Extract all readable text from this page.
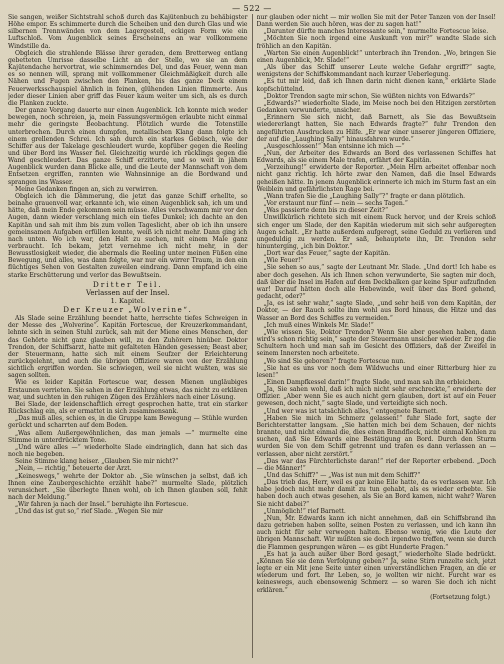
— 522 —

Sie sangen, weißer Sichtstrahl schoß durch das Kajütenbuch zu behäbigster Höhe empor. Es schimmerte durch die Scheiben und den durch Glas und wie silbernen Trennwänden von dem Lagergestell, eckigen Form wie ein Luftschloß. Vom Augenblick seines Erscheinens an war vollkommene Windstille da.

Obgleich die strahlende Blässe ihrer geraden, dem Bretterweg entlang gebetteten Umrisse dasselbe Licht an der Stelle, wo sie an dem Kajütendache hervortrat, wie schimmerndes Del, und das Feuer, wenn man es so nennen will, sprang mit vollkommener Gleichmäßigkeit durch alle Nähen und Fugen zwischen den Planken, bis das ganze Deck einem Feuerwerksschauspiel ähnlich in feinen, glühenden Linien flimmerte. Aus jeder dieser Linien aber griff das Feuer kaum weiter um sich, als es durch die Planken zuckte.

Der ganze Vorgang dauerte nur einen Augenblick. Ich konnte mich weder bewegen, noch schreien, ja, mein Fassungsvermögen erlaubte nicht einmal mehr die geringste Beobachtung. Plötzlich wurde die Totenstille unterbrochen. Durch einen dumpfen, metallischen Klang dann folgte ich einem grellenden Schrei. Ich sah durch ein starkes Gebüsch, wie der Schiffer aus der Takelage geschleudert wurde, kopfüber gegen die Reeling und über Bord ins Wasser fiel. Gleichzeitig wurde ich rücklings gegen die Wand geschleudert. Das ganze Schiff erzitterte, und so weit in jähem Augenblick wurden dann Blicke alle, und die Leute der Mannschaft von dem Entsetzen ergriffen, rannten wie Wahnsinnige an die Bordwand und sprangen ins Wasser.

Meine Gedanken fingen an, sich zu verwirren.

Obgleich ich die Dämmerung, die jetzt das ganze Schiff erhellte, so beinahe grauenvoll war, erkannte ich, wie einen Augenblick sah, ich um und hätte, daß mein Ende gekommen sein müsse. Alles verschwamm mir vor den Augen, dann wieder verschlang mich ein tiefes Dunkel; ich dachte an den Kapitän und sah mit ihm bis zum vollen Tageslicht, aber ob ich ihn unsere gemeinsamen Aufgaben erfüllen konnte, weiß ich nicht mehr. Dann ging ich nach unten. Wo ich war, den Halt zu suchen, mit einem Male ganz verbraucht. Ich bekam, jetzt vernehme ich nicht mehr, in der Bewusstlosigkeit wieder, die abermals die Reeling unter meinen Füßen eine Bewegung, und alles, was dann folgte, war nur ein wirrer Traum, in den ein flüchtiges Sehen von Gestalten zuweilen eindrang. Dann empfand ich eine starke Erschütterung und verlor das Bewußtsein.

Dritter Teil.
Verlassen auf der Insel.
1. Kapitel.
Der Kreuzer „Wolverine“.

Als Slade seine Erzählung beendet hatte, herrschte tiefes Schweigen in der Messe des „Wolverine“. Kapitän Fortescue, der Kreuzerkommandant, lehnte sich in seinen Stuhl zurück, sah mit der Miene eines Menschen, der das Gehörte nicht ganz glauben will, zu den Zuhörern hinüber. Doktor Trendon, der Schiffsarzt, hatte mit gefalteten Händen gesessen; Beast aber, der Steuermann, hatte sich mit einem Seufzer der Erleichterung zurückgelehnt, und auch die übrigen Offiziere waren von der Erzählung sichtlich ergriffen worden. Sie schwiegen, weil sie nicht wußten, was sie sagen sollten.

Wie es leider Kapitän Fortescue war, dessen Mienen ungläubiges Erstaunen verrieten. Sie sahen in der Erzählung etwas, das nicht zu erklären war, und suchten in den ruhigen Zügen des Erzählers nach einer Lösung.

Bei Slade, der leidenschaftlich erregt gesprochen hatte, trat ein starker Rückschlag ein, als er ermattet in sich zusammensank.

„Das muß alles, schien es, in die Gruppe kam Bewegung — Stühle wurden gerückt und scharrten auf dem Boden.

„Was allem Außergewöhnlichen, das man jemals —“ murmelte eine Stimme in unterdrücktem Tone.

„Und wäre alles —“ wiederholte Slade eindringlich, dann hat sich das noch nie begeben.

Seine Stimme klang heiser. „Glauben Sie mir nicht?“

„Nein, — richtig,“ beteuerte der Arzt.

„Keineswegs,“ wehrte der Doktor ab. „Sie wünschen ja selbst, daß ich Ihnen eine Zaubergeschichte erzählt habe?“ murmelte Slade, plötzlich verunsichert. „Sie überlegte Ihnen wohl, ob ich Ihnen glauben soll, fehlt nach der Meldung.“

„Wir fahren ja nach der Insel.“ beruhigte ihn Fortescue.

„Und das ist gut so,“ rief Slade. „Wegen Sie mir

nur glauben oder nicht — mir wollen Sie mit der Peter Tanzen von der Insel! Dann werden Sie auch hören, was der zu sagen hat!“

„Darunter dürfte manches Interessante sein,“ murmelte Fortescue leise.

„Möchten Sie noch irgend eine Auskunft von mir?“ wandte Slade sich fröhlich an den Kapitän.

„Warten Sie einen Augenblick!“ unterbrach ihn Trendon. „Wo, bringen Sie einen Augenblick, Mr. Slade!“

„Als über das Schiff unserer Leute welche Gefahr ergriff?“ sagte, wenigstens der Schiffskommandant nach kurzer Ueberlegung.

„Es tut mir leid, daß ich Ihnen darin nicht dienen kann,“ erklärte Slade kopfschüttelnd.

„Doktor Trendon sagte mir schon, Sie wüßten nichts von Edwards?“

„Edwards?“ wiederholte Slade, im Meise noch bei den Hitzigen zerstörten Gedanken verwunderte, unsicher.

„Erinnern Sie sich nicht, daß Barnett, als Sie das Bewußtsein wiedererlangt hatten, Sie nach Edwards fragte?“ fuhr Trendon den angeführten Ausdrucken zu Hilfe. „Er war einer unserer jüngeren Offiziere, der auf die „Laughing Sally“ hinausfahren wurde.“

„Ausgeschlossen!“ Man entsinne ich mich —“

„Nun, der Arbeiter des Edwards an Bord des verlassenen Schiffes hat Edwards, als sie einem Male trafen, erfährt der Kapitän.

„Verzeihung!“ erwiderte der Reporter. „Mein Hirn arbeitet offenbar noch nicht ganz richtig. Ich hörte zwar den Namen, daß die Insel Edwards geheißen hätte. In jenem Augenblick erinnerte ich mich im Sturm fast an ein Weiblein und gefährlichsten Rage bei.

„Wann trafen Sie die „Laughing Sally“?“ fragte er dann plötzlich.

„Vor erstaunt nur fünf — nein — sechs Tagen.“

„Was passierte denn bis zu dieser Zeit?“

Unwillkürlich richtete sich mit einem Ruck hervor, und der Kreis schloß sich enger um Slade, der den Kapitän wiederum mit sich sehr aufgeregten Augen schalt. „Er hatte außerdem aufgeregt, seine Geduld zu verlieren und ungeduldig zu werden. Er saß, behauptete ihn, Dr. Trendon sehr hinunterging, „ich bin Doktor.“

„Dort war das Feuer,“ sagte der Kapitän.

„Wie Feuer!“

„Sie sehen so aus,“ sagte der Leutnant Mr. Slade. „Und dort! Ich habe es aber doch gesehen. Als ich Ihnen schon verwunderte, Sie sagten mir doch, daß über die Insel im Hafen auf dem Deckbalken gar keine Spur aufzufinden war! Darauf hätten doch alle Hebewinde, weit über das Bord gehend, gedacht, oder?“

„Ja, es ist sehr wahr,“ sagte Slade, „und sehr heiß von dem Kapitän, der Doktor, — der Rauch sollte ihm wohl aus Bord hinaus, die Hitze und das Wasser an Bord des Schiffes zu vermeiden.“

„Ich muß eines Winkels Mr. Slade!“

„Wie wissen Sie, Doktor Trendon? Wenn Sie aber gesehen haben, dann wird's schon richtig sein,“ sagte der Steuermann unsicher wieder. Er zog die Schultern hoch und man sah im Gesicht des Offiziers, daß der Zweifel in seinem Innersten noch arbeitete.

„Wo sind Sie geboren?“ fragte Fortescue nun.

„Sie hat es uns vor noch dem Wildwuchs und einer Ritterburg hier zu lesen!“

„Einen Dampfkessel darin!“ fragte Slade, und man sah ihn erbleichen.

„Ja, Sie sahen wohl, daß ich mich nicht sehr erschreckte,“ erwiderte der Offizier. „Aber wenn Sie es auch nicht gern glauben, dort ist auf ein Feuer gewesen, doch nicht,“ sagte Slade, und verteidigte sich noch.

„Und wer was ist tatsächlich alles,“ entgegnete Barnett.

„Haben Sie mich im Schmerz gelassen!“ fuhr Slade fort, sagte der Berichterstatter langsam. „Sie hatten mich bei dem Schauen, der nichts brannte, und nicht einmal die, dies einen Brandfleck, nicht einmal Kohlen zu suchen, daß Sie Edwards eine Bestätigung an Bord. Durch den Sturm wurden Sie von dem Schiff getrennt und trafen es dann verlassen an — verlassen, aber nicht zerstört.“

„Das war das Fürchterlichste daran!“ rief der Reporter erbebend. „Doch — die Männer!“

„Und das Schiff?“ — „Was ist nun mit dem Schiff?“

„Das trieb das, Herr, weil es gar keine Eile hatte, da es verlassen war. Ich habe jedoch nicht mehr damit zu tun gehabt, als es wieder erbebte. Sie haben doch auch etwas gesehen, als Sie an Bord kamen, nicht wahr? Waren Sie nicht dabei?“

„Unmöglich!“ rief Barnett.

„Nun, Mr. Edwards kann ich nicht annehmen, daß ein Schiffsbrand ihn dazu getrieben haben sollte, seinen Posten zu verlassen, und ich kann ihn auch nicht für sehr verwegen halten. Ebenso wenig, wie die Leute der übrigen Mannschaft. Wir müßten sie doch irgendwo treffen, wenn sie durch die Flammen gesprungen wären — es gibt Hunderte Fragen.“

„Es hat ja auch außer über Bord gesagt,“ wiederholte Slade bedrückt. „Können Sie sie denn Verfolgung geben?“ Ja, seine Stirn runzelte sich, jetzt legte er ein Mit jene Seite unter einen unverständlichen Fragen, an die er wiederum und fort. Ihr Leben, so, je wollten wir nicht. Furcht war es keineswegs, auch ebensowenig Schmerz — so waren Sie doch ich nicht erklären.“

(Fortsetzung folgt.)
